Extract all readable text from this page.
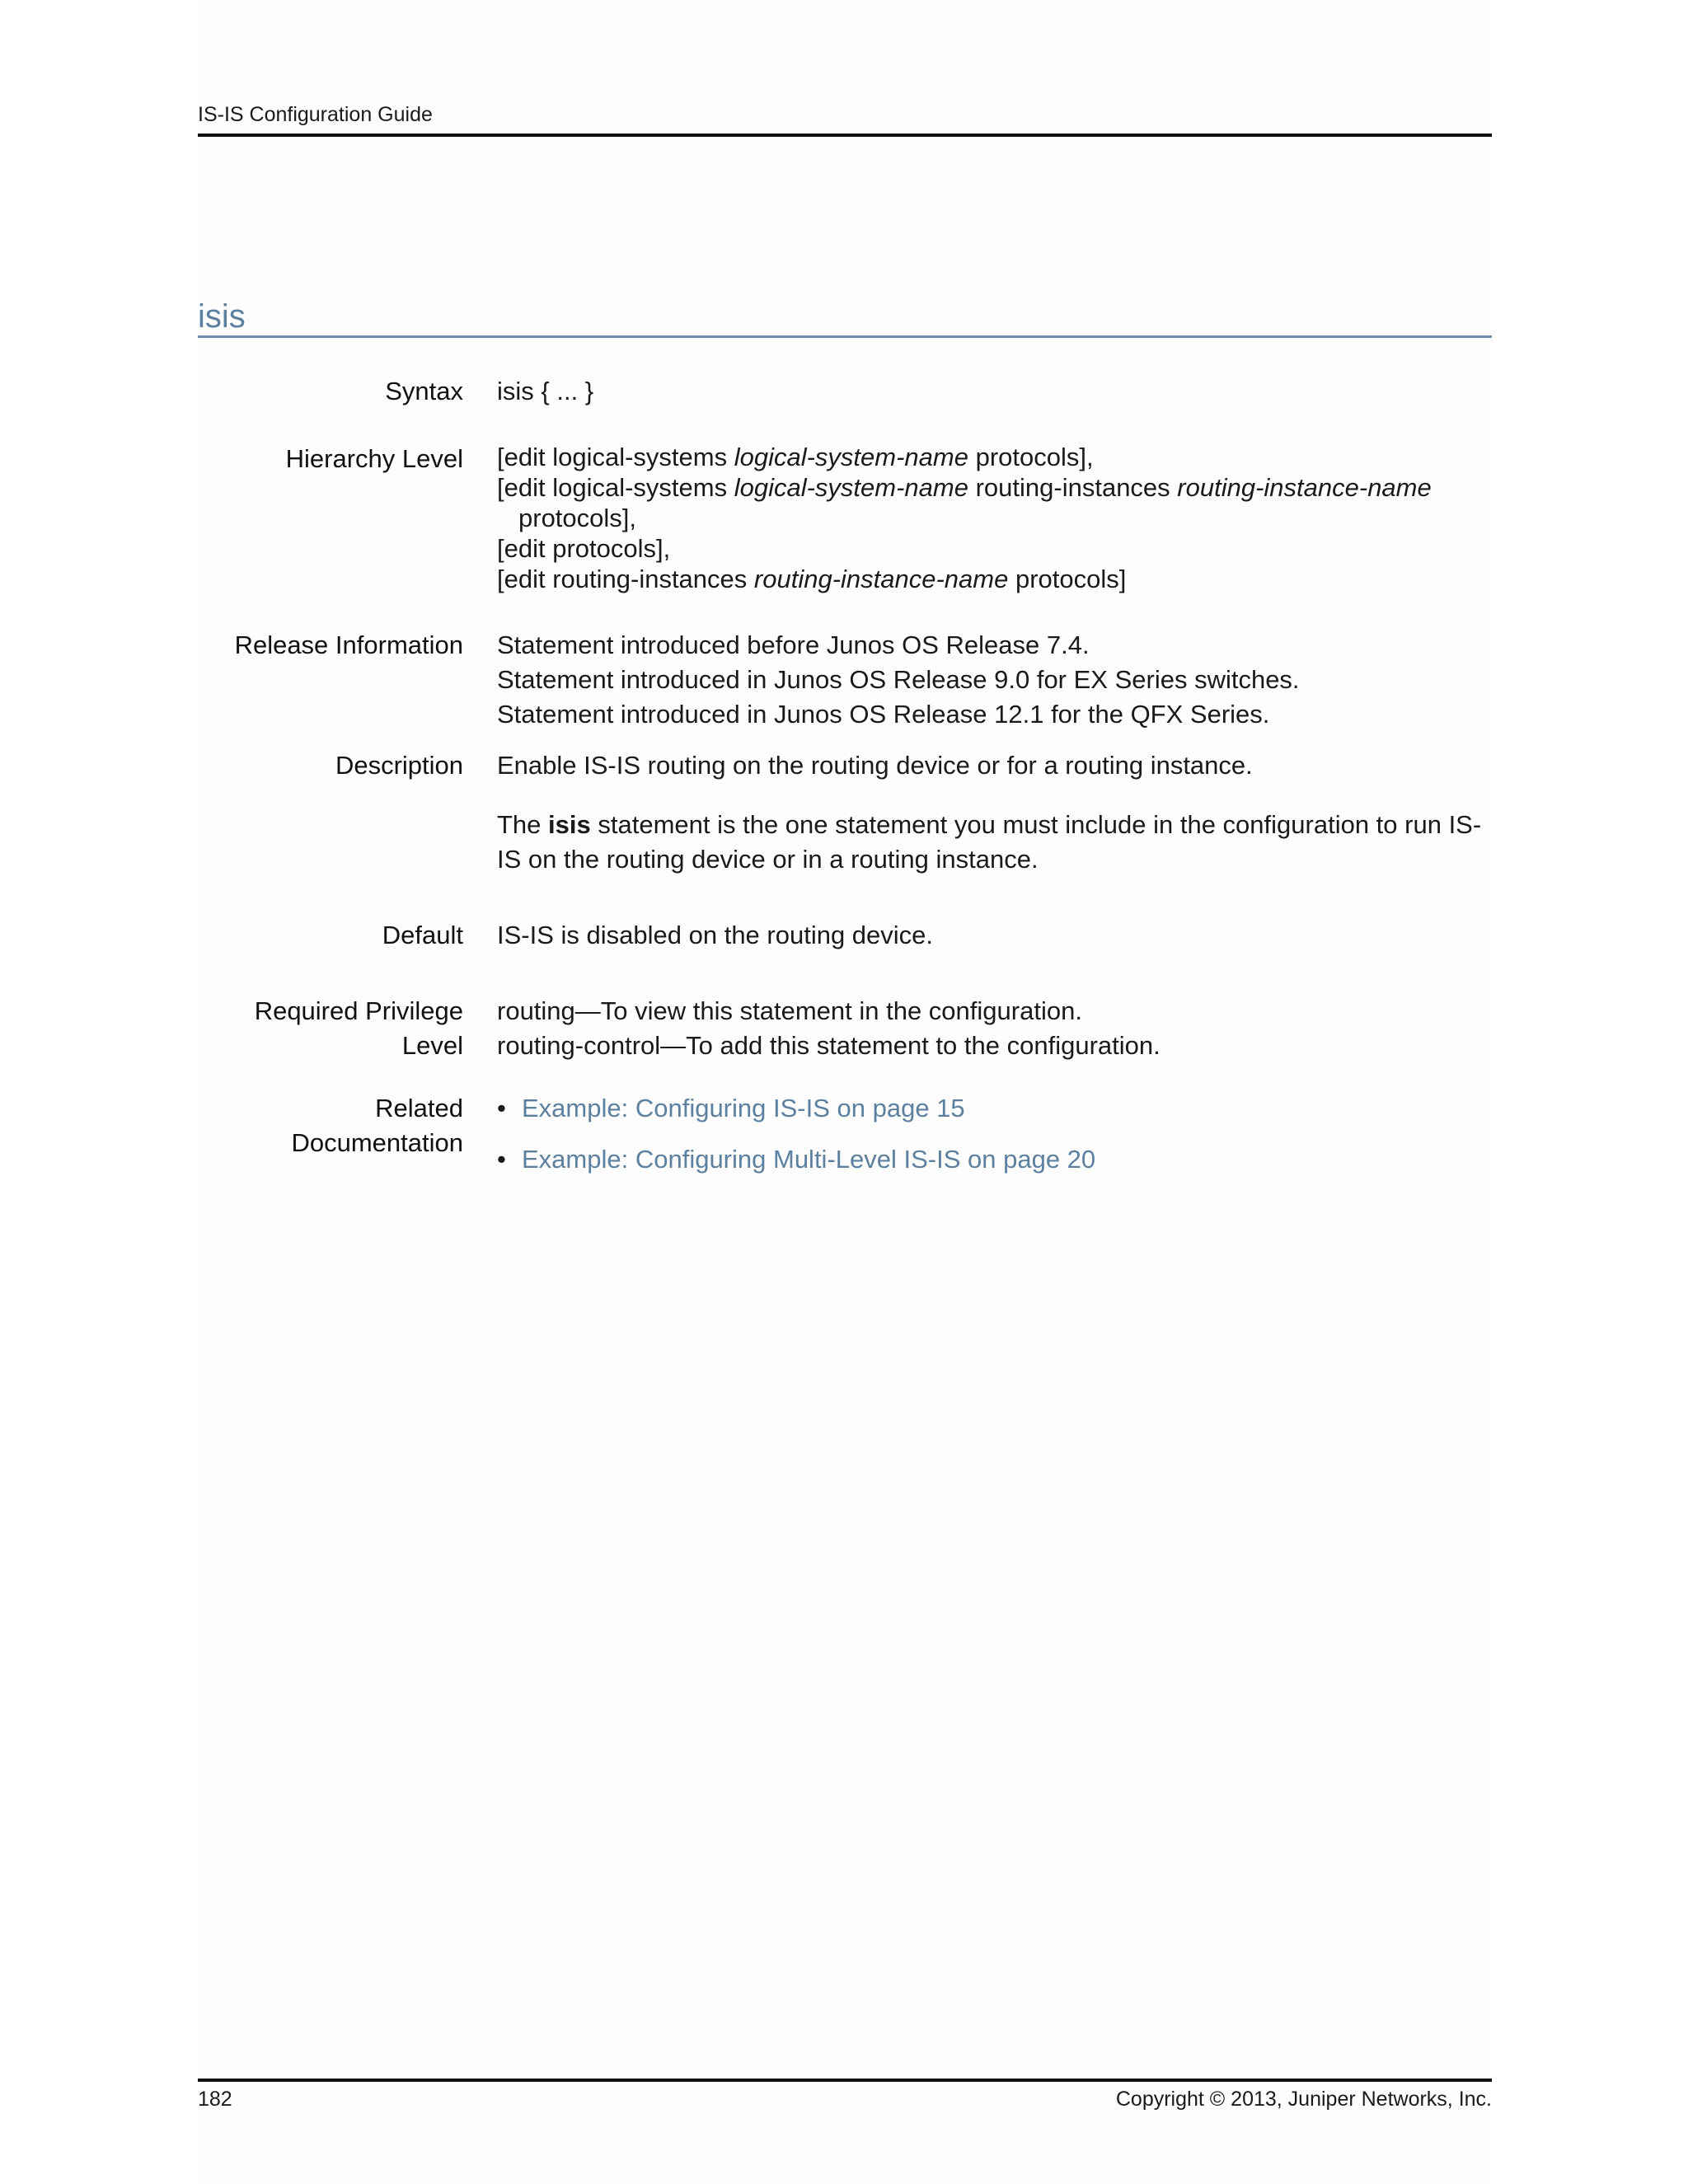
IS-IS Configuration Guide
isis
Syntax isis { ... }
Hierarchy Level [edit logical-systems logical-system-name protocols],
[edit logical-systems logical-system-name routing-instances routing-instance-name
protocols],
[edit protocols],
[edit routing-instances routing-instance-name protocols]
Release Information Statement introduced before Junos OS Release 7.4.
Statement introduced in Junos OS Release 9.0 for EX Series switches.
Statement introduced in Junos OS Release 12.1 for the QFX Series.
Description Enable IS-IS routing on the routing device or for a routing instance.
The isis statement is the one statement you must include in the configuration to run IS-IS on the routing device or in a routing instance.
Default IS-IS is disabled on the routing device.
Required Privilege
Level
routing—To view this statement in the configuration.
routing-control—To add this statement to the configuration.
Related
Documentation
• Example: Configuring IS-IS on page 15
• Example: Configuring Multi-Level IS-IS on page 20
182	Copyright © 2013, Juniper Networks, Inc.
